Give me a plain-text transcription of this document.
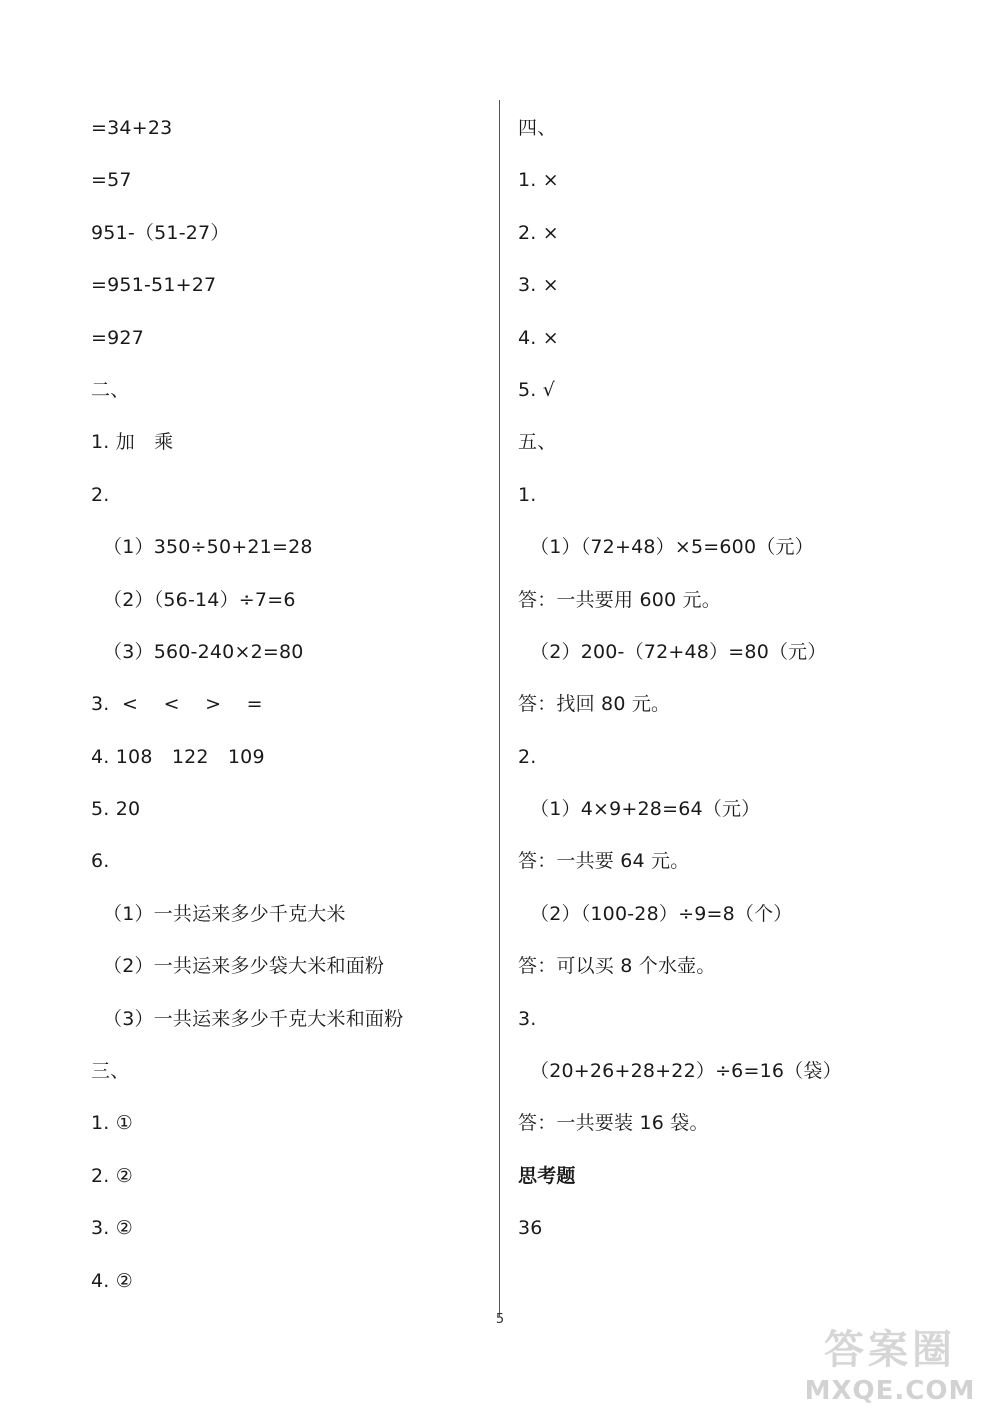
=34+23
=57
951-（51-27）
=951-51+27
=927
二、
1. 加　乘
2.
（1）350÷50+21=28
（2）（56-14）÷7=6
（3）560-240×2=80
3.  <　 <　 >　 =
4. 108　122　109
5. 20
6.
（1）一共运来多少千克大米
（2）一共运来多少袋大米和面粉
（3）一共运来多少千克大米和面粉
三、
1. ①
2. ②
3. ②
4. ②
四、
1. ×
2. ×
3. ×
4. ×
5. √
五、
1.
（1）（72+48）×5=600（元）
答：一共要用 600 元。
（2）200-（72+48）=80（元）
答：找回 80 元。
2.
（1）4×9+28=64（元）
答：一共要 64 元。
（2）（100-28）÷9=8（个）
答：可以买 8 个水壶。
3.
（20+26+28+22）÷6=16（袋）
答：一共要装 16 袋。
思考题
36
5
答案圈
MXQE.COM
